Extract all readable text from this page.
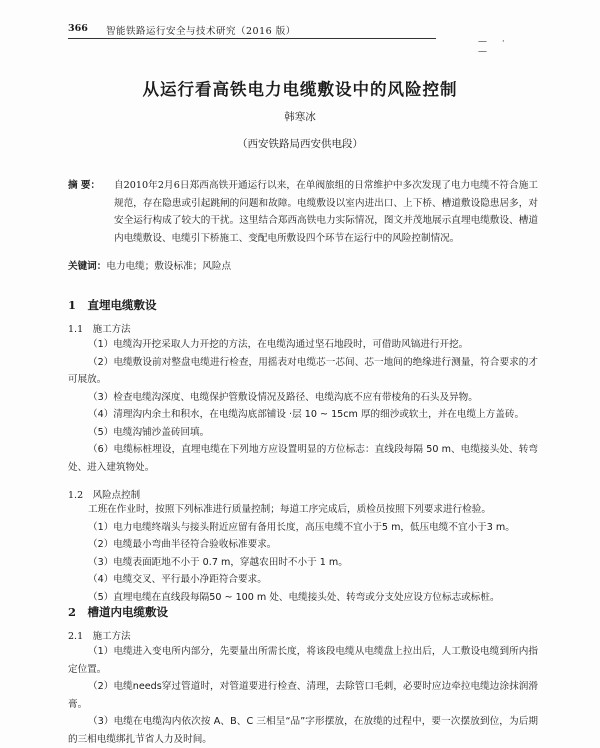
366 智能铁路运行安全与技术研究（2016 版）
— · —
从运行看高铁电力电缆敷设中的风险控制
韩寒冰
（西安铁路局西安供电段）
摘 要： 自2010年2月6日郑西高铁开通运行以来，在单阀旅组的日常维护中多次发现了电力电缆不符合施工规范，存在隐患或引起跳闸的问题和故障。电缆敷设以室内进出口、上下桥、槽道敷设隐患居多，对安全运行构成了较大的干扰。这里结合郑西高铁电力实际情况，图文并茂地展示直埋电缆敷设、槽道内电缆敷设、电缆引下桥施工、变配电所敷设四个环节在运行中的风险控制情况。
关键词：电力电缆；敷设标准；风险点
1　直埋电缆敷设
1.1　施工方法
（1）电缆沟开挖采取人力开挖的方法，在电缆沟通过坚石地段时，可借助风镐进行开挖。
（2）电缆敷设前对整盘电缆进行检查，用摇表对电缆芯一芯间、芯一地间的绝缘进行测量，符合要求的才可展放。
（3）检查电缆沟深度、电缆保护管敷设情况及路径、电缆沟底不应有带棱角的石头及异物。
（4）清理沟内余土和积水，在电缆沟底部铺设 ·层 10 ~ 15cm 厚的细沙或软土，并在电缆上方盖砖。
（5）电缆沟铺沙盖砖回填。
（6）电缆标桩埋设，直埋电缆在下列地方应设置明显的方位标志：直线段每隔 50 m、电缆接头处、转弯处、进入建筑物处。
1.2　风险点控制
工班在作业时，按照下列标准进行质量控制；每道工序完成后，质检员按照下列要求进行检验。
（1）电力电缆终端头与接头附近应留有备用长度，高压电缆不宜小于5 m，低压电缆不宜小于3 m。
（2）电缆最小弯曲半径符合验收标准要求。
（3）电缆表面距地不小于 0.7 m，穿越农田时不小于 1 m。
（4）电缆交叉、平行最小净距符合要求。
（5）直埋电缆在直线段每隔50 ~ 100 m 处、电缆接头处、转弯或分支处应设方位标志或标桩。
2　槽道内电缆敷设
2.1　施工方法
（1）电缆进入变电所内部分，先要量出所需长度，将该段电缆从电缆盘上拉出后，人工敷设电缆到所内指定位置。
（2）电缆needs穿过管道时，对管道要进行检查、清理，去除管口毛刺，必要时应边牵拉电缆边涂抹润滑膏。
（3）电缆在电缆沟内依次按 A、B、C 三相呈“品”字形摆放，在放缆的过程中，要一次摆放到位，为后期的三相电缆绑扎节省人力及时间。
